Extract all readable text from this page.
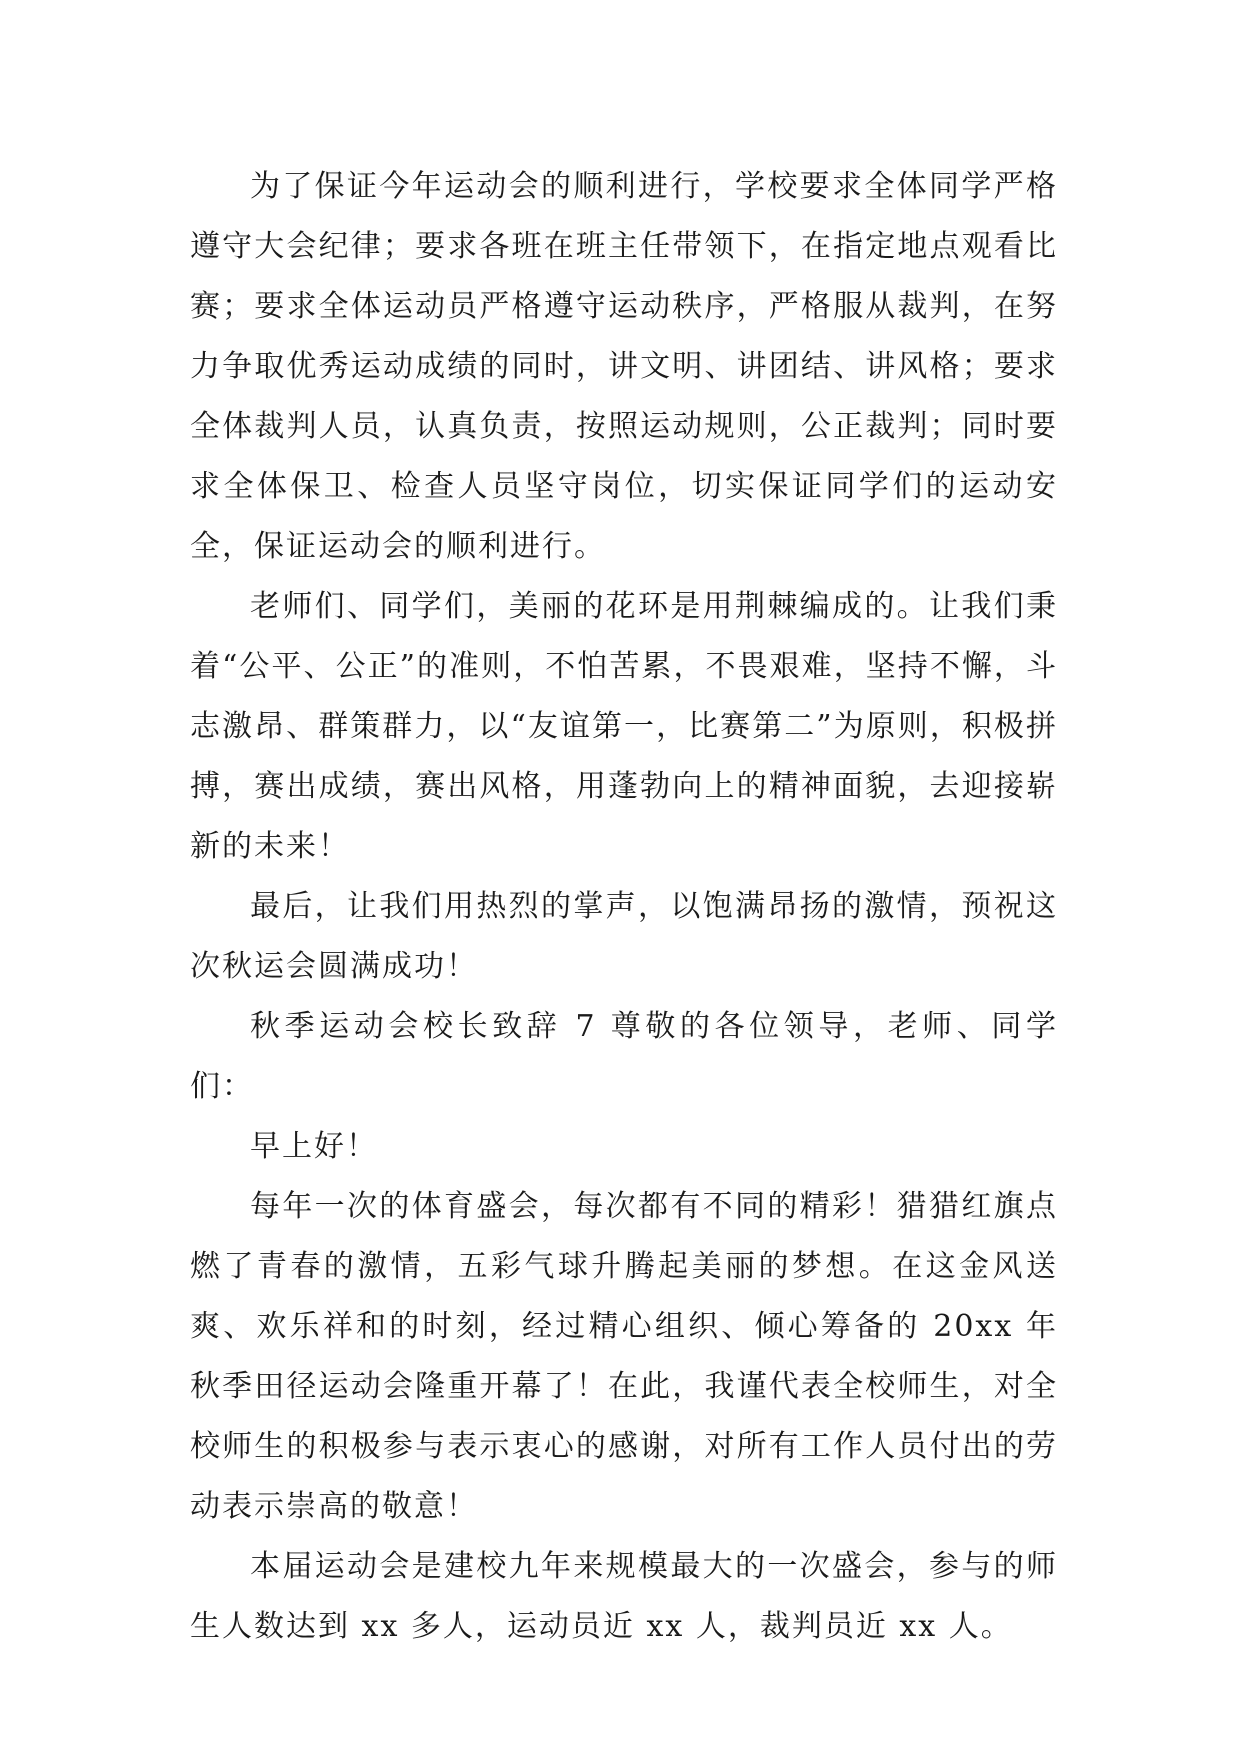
为了保证今年运动会的顺利进行，学校要求全体同学严格遵守大会纪律；要求各班在班主任带领下，在指定地点观看比赛；要求全体运动员严格遵守运动秩序，严格服从裁判，在努力争取优秀运动成绩的同时，讲文明、讲团结、讲风格；要求全体裁判人员，认真负责，按照运动规则，公正裁判；同时要求全体保卫、检查人员坚守岗位，切实保证同学们的运动安全，保证运动会的顺利进行。

老师们、同学们，美丽的花环是用荆棘编成的。让我们秉着“公平、公正”的准则，不怕苦累，不畏艰难，坚持不懈，斗志激昂、群策群力，以“友谊第一，比赛第二”为原则，积极拼搏，赛出成绩，赛出风格，用蓬勃向上的精神面貌，去迎接崭新的未来！

最后，让我们用热烈的掌声，以饱满昂扬的激情，预祝这次秋运会圆满成功！

秋季运动会校长致辞 7 尊敬的各位领导，老师、同学们：

早上好！

每年一次的体育盛会，每次都有不同的精彩！猎猎红旗点燃了青春的激情，五彩气球升腾起美丽的梦想。在这金风送爽、欢乐祥和的时刻，经过精心组织、倾心筹备的 20xx 年秋季田径运动会隆重开幕了！在此，我谨代表全校师生，对全校师生的积极参与表示衷心的感谢，对所有工作人员付出的劳动表示崇高的敬意！

本届运动会是建校九年来规模最大的一次盛会，参与的师生人数达到 xx 多人，运动员近 xx 人，裁判员近 xx 人。
